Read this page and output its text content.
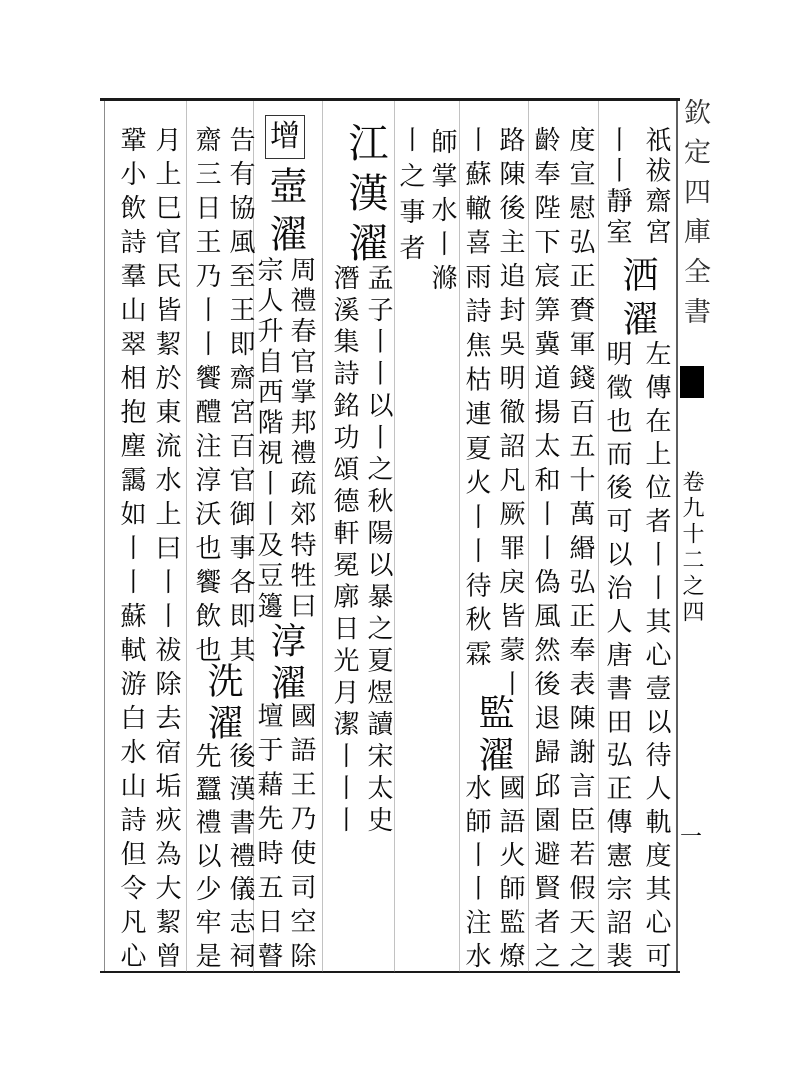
欽定四庫全書
卷九十二之四
一
祇祓齋宮
丨丨靜室
洒濯
左傳在上位者丨丨其心壹以待人軌度其心可
明徵也而後可以治人唐書田弘正傳憲宗詔裴
度宣慰弘正賚軍錢百五十萬緡弘正奉表陳謝言臣若假天之
齡奉陛下宸筭冀道揚太和丨丨偽風然後退歸邱園避賢者之
路陳後主追封吳明徹詔凡厥罪戾皆蒙丨
丨蘇轍喜雨詩焦枯連夏火丨丨待秋霖
監濯
國語火師監燎
水師丨丨注水
師掌水丨滌
丨之事者
江漢濯
孟子丨丨以丨之秋陽以暴之夏煜讀宋太史
潛溪集詩銘功頌德軒冕廓日光月潔丨丨丨
增
壼濯
周禮春官掌邦禮疏郊特牲曰
宗人升自西階視丨丨及豆籩
淳濯
國語王乃使司空除
壇于藉先時五日瞽
告有協風至王即齋宮百官御事各即其
齋三日王乃丨丨饗醴注淳沃也饗飲也
洗濯
後漢書禮儀志祠
先蠶禮以少牢是
月上巳官民皆絜於東流水上曰丨丨祓除去宿垢疢為大絜曾
鞏小飲詩羣山翠相抱塵靄如丨丨蘇軾游白水山詩但令凡心
